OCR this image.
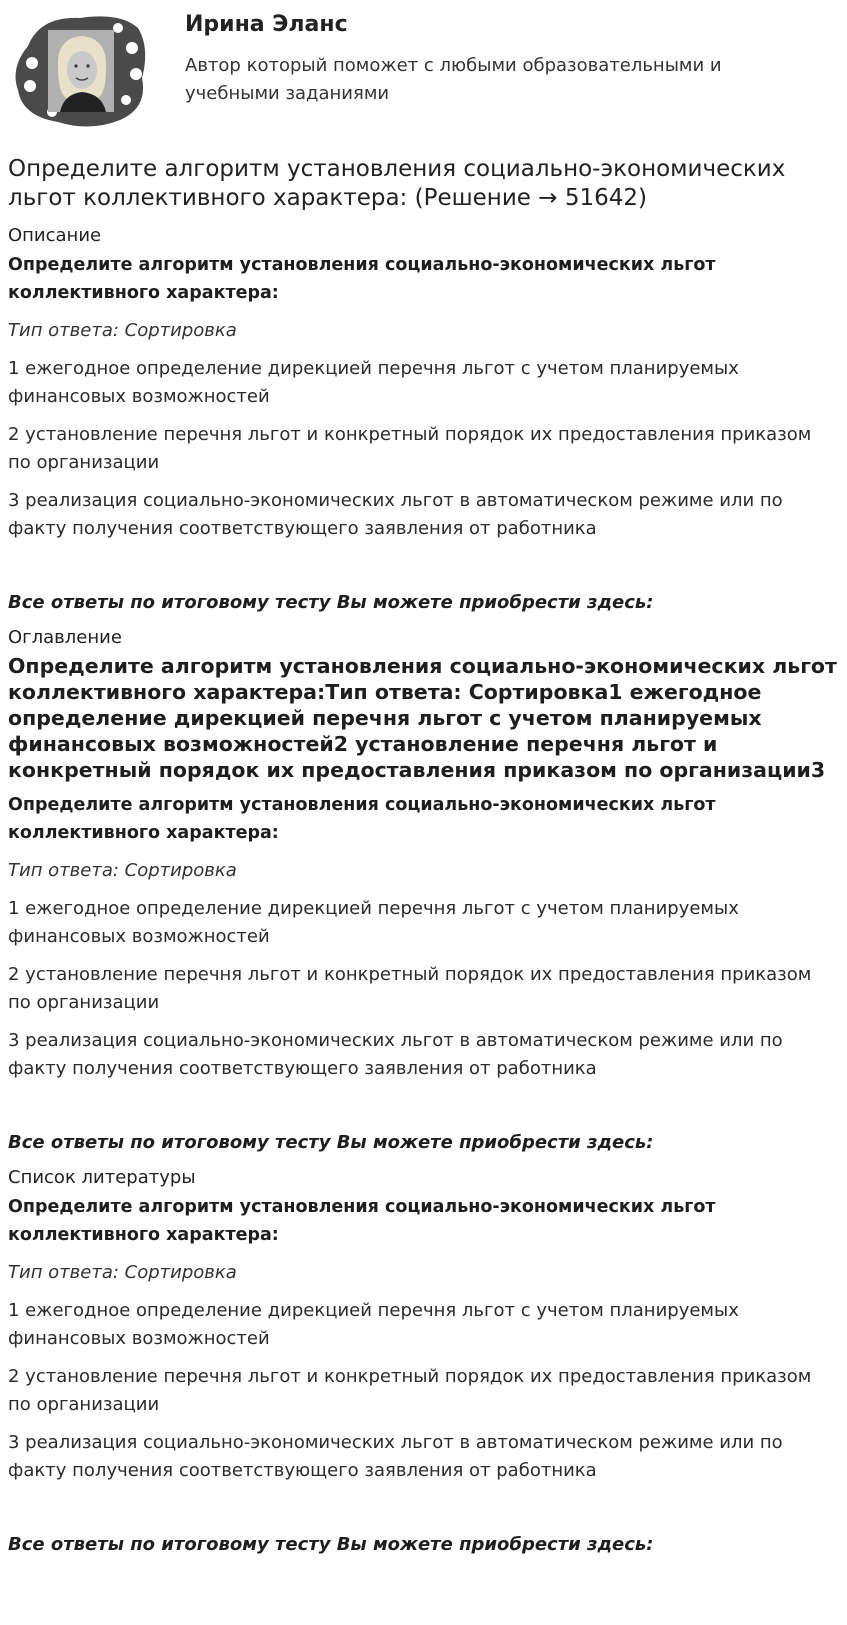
Ирина Эланс

Автор который поможет с любыми образовательными и учебными заданиями

Определите алгоритм установления социально-экономических льгот коллективного характера: (Решение → 51642)
Описание
Определите алгоритм установления социально-экономических льгот коллективного характера:
Тип ответа: Сортировка
1 ежегодное определение дирекцией перечня льгот с учетом планируемых финансовых возможностей
2 установление перечня льгот и конкретный порядок их предоставления приказом по организации
3 реализация социально-экономических льгот в автоматическом режиме или по факту получения соответствующего заявления от работника
Все ответы по итоговому тесту Вы можете приобрести здесь:
Оглавление
Определите алгоритм установления социально-экономических льгот коллективного характера:Тип ответа: Сортировка1 ежегодное определение дирекцией перечня льгот с учетом планируемых финансовых возможностей2 установление перечня льгот и конкретный порядок их предоставления приказом по организации3
Определите алгоритм установления социально-экономических льгот коллективного характера:
Тип ответа: Сортировка
1 ежегодное определение дирекцией перечня льгот с учетом планируемых финансовых возможностей
2 установление перечня льгот и конкретный порядок их предоставления приказом по организации
3 реализация социально-экономических льгот в автоматическом режиме или по факту получения соответствующего заявления от работника
Все ответы по итоговому тесту Вы можете приобрести здесь:
Список литературы
Определите алгоритм установления социально-экономических льгот коллективного характера:
Тип ответа: Сортировка
1 ежегодное определение дирекцией перечня льгот с учетом планируемых финансовых возможностей
2 установление перечня льгот и конкретный порядок их предоставления приказом по организации
3 реализация социально-экономических льгот в автоматическом режиме или по факту получения соответствующего заявления от работника
Все ответы по итоговому тесту Вы можете приобрести здесь:
